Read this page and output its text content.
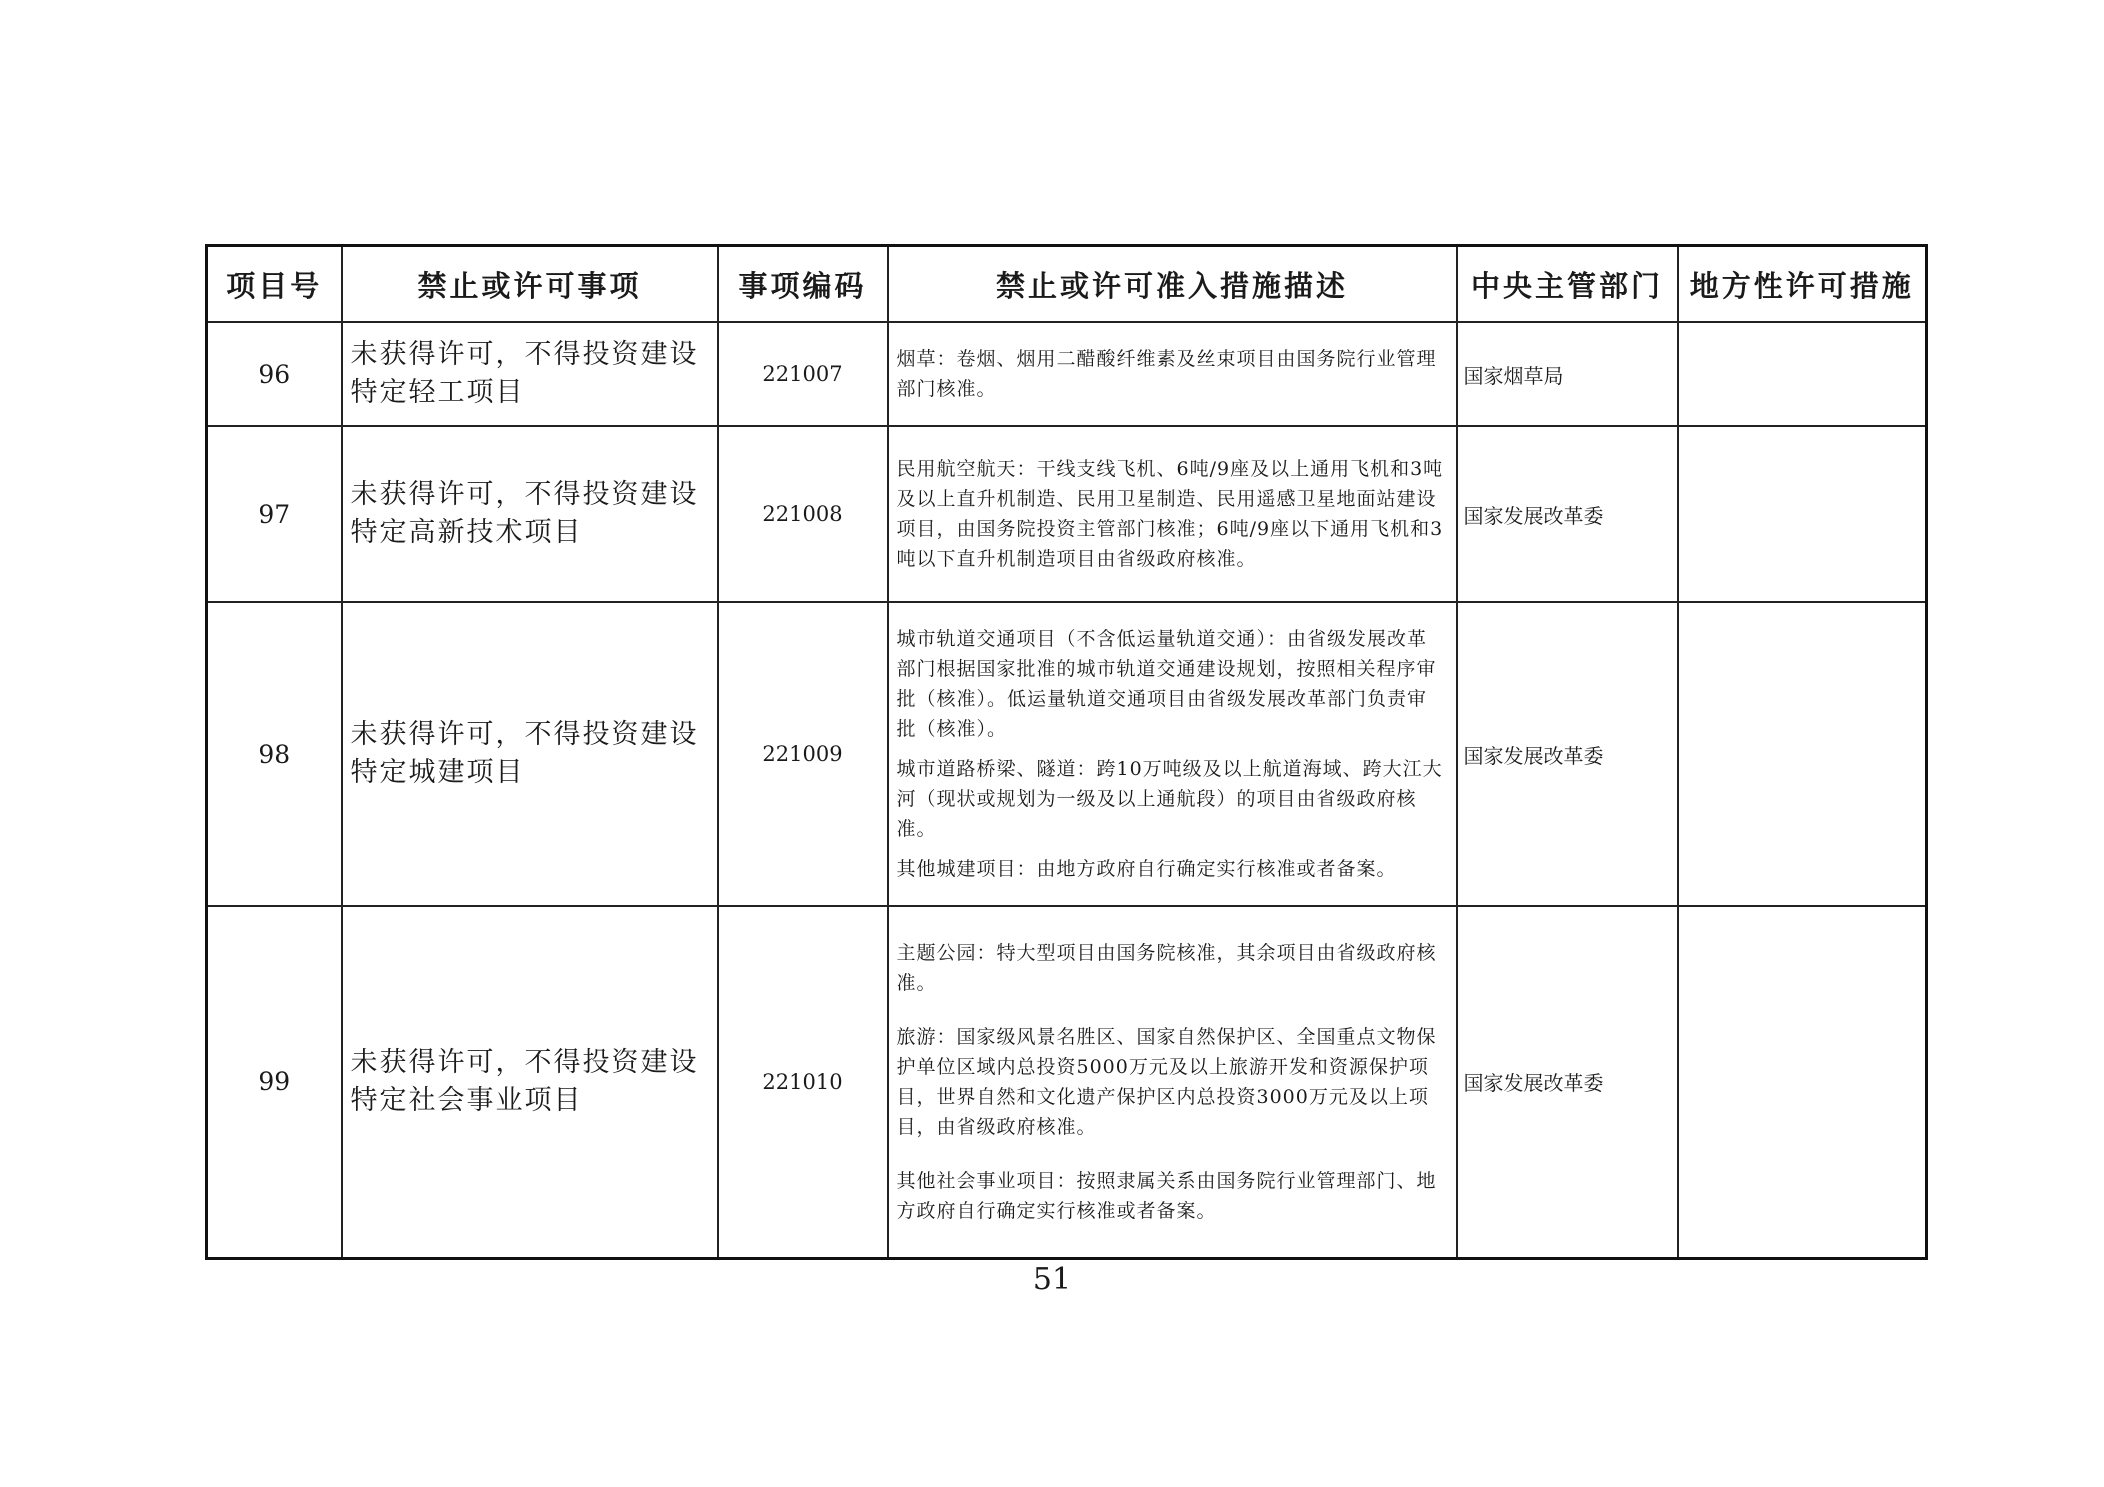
项目号	禁止或许可事项	事项编码	禁止或许可准入措施描述	中央主管部门	地方性许可措施
96	未获得许可，不得投资建设特定轻工项目	221007	烟草：卷烟、烟用二醋酸纤维素及丝束项目由国务院行业管理部门核准。	国家烟草局	
97	未获得许可，不得投资建设特定高新技术项目	221008	民用航空航天：干线支线飞机、6吨/9座及以上通用飞机和3吨及以上直升机制造、民用卫星制造、民用遥感卫星地面站建设项目，由国务院投资主管部门核准；6吨/9座以下通用飞机和3吨以下直升机制造项目由省级政府核准。	国家发展改革委	
98	未获得许可，不得投资建设特定城建项目	221009	城市轨道交通项目（不含低运量轨道交通）：由省级发展改革部门根据国家批准的城市轨道交通建设规划，按照相关程序审批（核准）。低运量轨道交通项目由省级发展改革部门负责审批（核准）。

城市道路桥梁、隧道：跨10万吨级及以上航道海域、跨大江大河（现状或规划为一级及以上通航段）的项目由省级政府核准。

其他城建项目：由地方政府自行确定实行核准或者备案。	国家发展改革委	
99	未获得许可，不得投资建设特定社会事业项目	221010	主题公园：特大型项目由国务院核准，其余项目由省级政府核准。

旅游：国家级风景名胜区、国家自然保护区、全国重点文物保护单位区域内总投资5000万元及以上旅游开发和资源保护项目，世界自然和文化遗产保护区内总投资3000万元及以上项目，由省级政府核准。

其他社会事业项目：按照隶属关系由国务院行业管理部门、地方政府自行确定实行核准或者备案。	国家发展改革委	
51
